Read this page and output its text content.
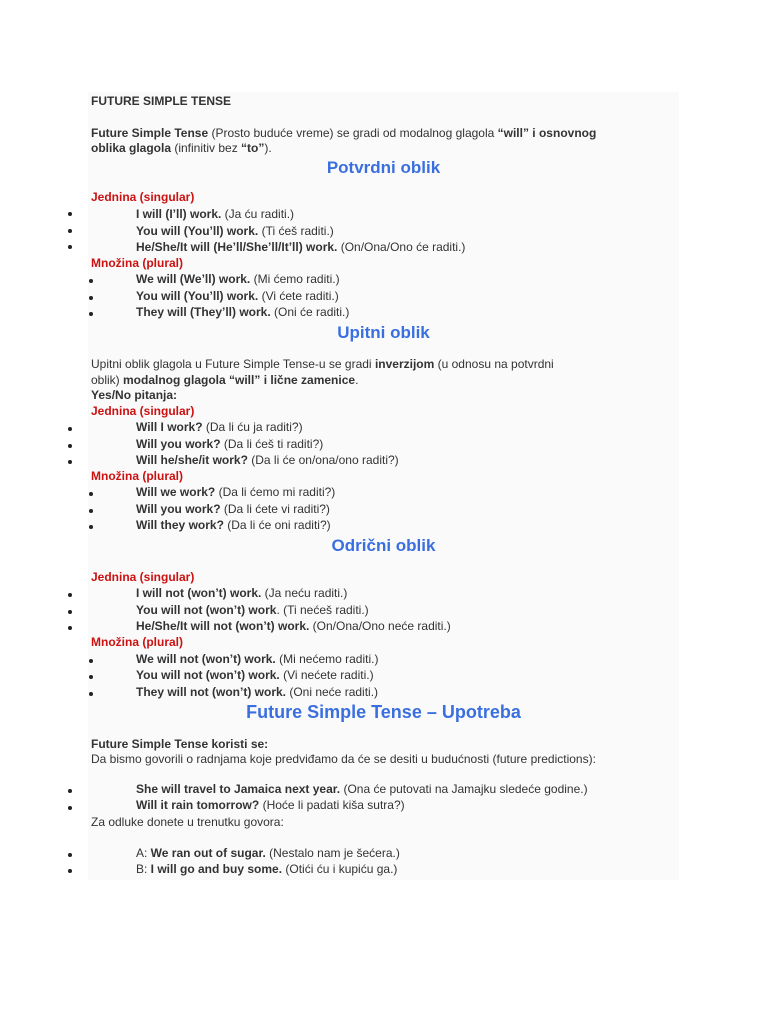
FUTURE SIMPLE TENSE
Future Simple Tense (Prosto buduće vreme) se gradi od modalnog glagola “will” i osnovnog
oblika glagola (infinitiv bez “to”).
Potvrdni oblik
Jednina (singular)
I will (I’ll) work. (Ja ću raditi.)
You will (You’ll) work. (Ti ćeš raditi.)
He/She/It will (He’ll/She’ll/It’ll) work. (On/Ona/Ono će raditi.)
Množina (plural)
We will (We’ll) work. (Mi ćemo raditi.)
You will (You’ll) work. (Vi ćete raditi.)
They will (They’ll) work. (Oni će raditi.)
Upitni oblik
Upitni oblik glagola u Future Simple Tense-u se gradi inverzijom (u odnosu na potvrdni
oblik) modalnog glagola “will” i lične zamenice.
Yes/No pitanja:
Jednina (singular)
Will I work? (Da li ću ja raditi?)
Will you work? (Da li ćeš ti raditi?)
Will he/she/it work? (Da li će on/ona/ono raditi?)
Množina (plural)
Will we work? (Da li ćemo mi raditi?)
Will you work? (Da li ćete vi raditi?)
Will they work? (Da li će oni raditi?)
Odrični oblik
Jednina (singular)
I will not (won’t) work. (Ja neću raditi.)
You will not (won’t) work. (Ti nećeš raditi.)
He/She/It will not (won’t) work. (On/Ona/Ono neće raditi.)
Množina (plural)
We will not (won’t) work. (Mi nećemo raditi.)
You will not (won’t) work. (Vi nećete raditi.)
They will not (won’t) work. (Oni neće raditi.)
Future Simple Tense – Upotreba
Future Simple Tense koristi se:
Da bismo govorili o radnjama koje predviđamo da će se desiti u budućnosti (future predictions):
She will travel to Jamaica next year. (Ona će putovati na Jamajku sledeće godine.)
Will it rain tomorrow? (Hoće li padati kiša sutra?)
Za odluke donete u trenutku govora:
A: We ran out of sugar. (Nestalo nam je šećera.)
B: I will go and buy some. (Otići ću i kupiću ga.)
